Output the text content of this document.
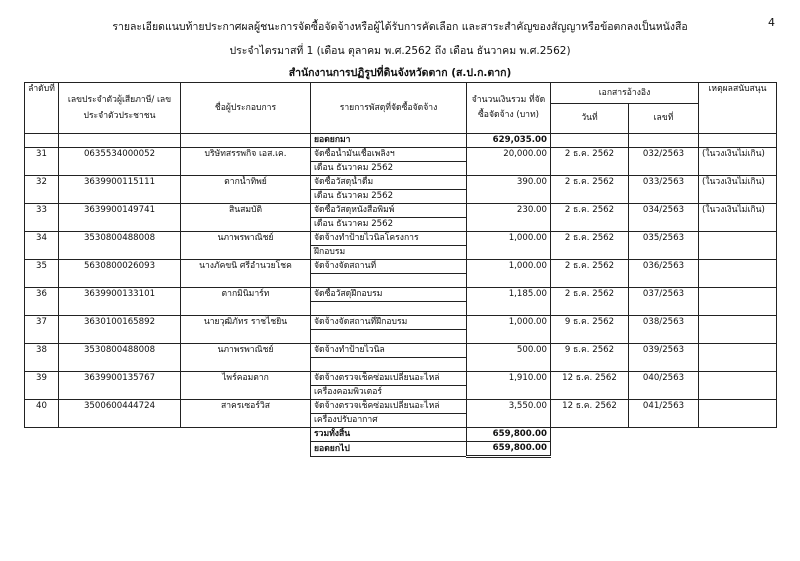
4
รายละเอียดแนบท้ายประกาศผลผู้ชนะการจัดซื้อจัดจ้างหรือผู้ได้รับการคัดเลือก และสาระสำคัญของสัญญาหรือข้อตกลงเป็นหนังสือ
ประจำไตรมาสที่ 1 (เดือน ตุลาคม พ.ศ.2562 ถึง เดือน ธันวาคม พ.ศ.2562)
สำนักงานการปฏิรูปที่ดินจังหวัดตาก (ส.ป.ก.ตาก)
ลำดับที่	เลขประจำตัวผู้เสียภาษี/ เลขประจำตัวประชาชน	ชื่อผู้ประกอบการ	รายการพัสดุที่จัดซื้อจัดจ้าง	จำนวนเงินรวม ที่จัดซื้อจัดจ้าง (บาท)	เอกสารอ้างอิง		เหตุผลสนับสนุน
					วันที่	เลขที่	
			ยอดยกมา	629,035.00			
31	0635534000052	บริษัทสรรพกิจ เอส.เค.	จัดซื้อน้ำมันเชื้อเพลิงฯ	20,000.00	2 ธ.ค. 2562	032/2563	(ในวงเงินไม่เกิน)
			เดือน ธันวาคม 2562				
32	3639900115111	ตากน้ำทิพย์	จัดซื้อวัสดุน้ำดื่ม	390.00	2 ธ.ค. 2562	033/2563	(ในวงเงินไม่เกิน)
			เดือน ธันวาคม 2562				
33	3639900149741	สินสมบัติ	จัดซื้อวัสดุหนังสือพิมพ์	230.00	2 ธ.ค. 2562	034/2563	(ในวงเงินไม่เกิน)
			เดือน ธันวาคม 2562				
34	3530800488008	นภาพรพาณิชย์	จัดจ้างทำป้ายไวนิลโครงการ	1,000.00	2 ธ.ค. 2562	035/2563	
			ฝึกอบรม				
35	5630800026093	นางภัคขนิ ศรีอำนวยโชค	จัดจ้างจัดสถานที่	1,000.00	2 ธ.ค. 2562	036/2563	

36	3639900133101	ตากมินิมาร์ท	จัดซื้อวัสดุฝึกอบรม	1,185.00	2 ธ.ค. 2562	037/2563	

37	3630100165892	นายวุฒิภัทร ราชไชยิน	จัดจ้างจัดสถานที่ฝึกอบรม	1,000.00	9 ธ.ค. 2562	038/2563	

38	3530800488008	นภาพรพาณิชย์	จัดจ้างทำป้ายไวนิล	500.00	9 ธ.ค. 2562	039/2563	

39	3639900135767	ไพร์คอมตาก	จัดจ้างตรวจเช็คซ่อมเปลี่ยนอะไหล่	1,910.00	12 ธ.ค. 2562	040/2563	
			เครื่องคอมพิวเตอร์				
40	3500600444724	สาครเซอร์วิส	จัดจ้างตรวจเช็คซ่อมเปลี่ยนอะไหล่	3,550.00	12 ธ.ค. 2562	041/2563	
			เครื่องปรับอากาศ				
			รวมทั้งสิ้น	659,800.00			
			ยอดยกไป	659,800.00			
